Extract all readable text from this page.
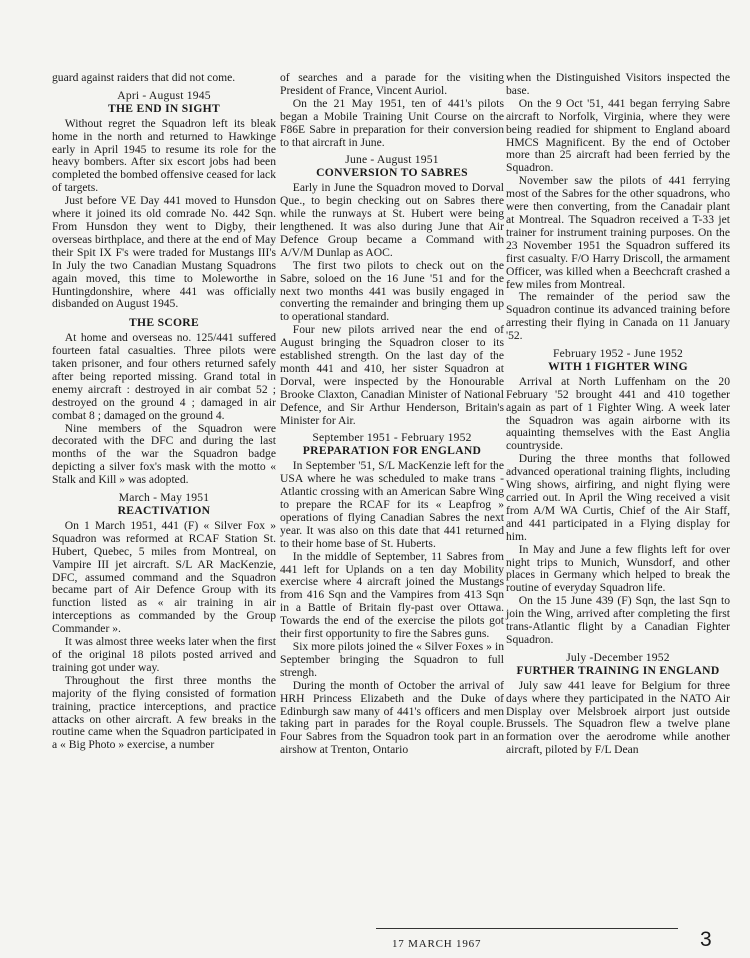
guard against raiders that did not come.

Apri - August 1945
THE END IN SIGHT

Without regret the Squadron left its bleak home in the north and returned to Hawkinge early in April 1945 to resume its role for the heavy bombers. After six escort jobs had been completed the bombed offensive ceased for lack of targets.

Just before VE Day 441 moved to Hunsdon where it joined its old comrade No. 442 Sqn. From Hunsdon they went to Digby, their overseas birthplace, and there at the end of May their Spit IX F's were traded for Mustangs III's In July the two Canadian Mustang Squadrons again moved, this time to Moleworthe in Huntingdonshire, where 441 was officially disbanded on August 1945.

THE SCORE

At home and overseas no. 125/441 suffered fourteen fatal casualties. Three pilots were taken prisoner, and four others returned safely after being reported missing. Grand total in enemy aircraft : destroyed in air combat 52 ; destroyed on the ground 4 ; damaged in air combat 8 ; damaged on the ground 4.

Nine members of the Squadron were decorated with the DFC and during the last months of the war the Squadron badge depicting a silver fox's mask with the motto « Stalk and Kill » was adopted.

March - May 1951
REACTIVATION

On 1 March 1951, 441 (F) « Silver Fox » Squadron was reformed at RCAF Station St. Hubert, Quebec, 5 miles from Montreal, on Vampire III jet aircraft. S/L AR MacKenzie, DFC, assumed command and the Squadron became part of Air Defence Group with its function listed as « air training in air interceptions as commanded by the Group Commander ».

It was almost three weeks later when the first of the original 18 pilots posted arrived and training got under way.

Throughout the first three months the majority of the flying consisted of formation training, practice interceptions, and practice attacks on other aircraft. A few breaks in the routine came when the Squadron participated in a « Big Photo » exercise, a number

of searches and a parade for the visiting President of France, Vincent Auriol.

On the 21 May 1951, ten of 441's pilots began a Mobile Training Unit Course on the F86E Sabre in preparation for their conversion to that aircraft in June.

June - August 1951
CONVERSION TO SABRES

Early in June the Squadron moved to Dorval Que., to begin checking out on Sabres there while the runways at St. Hubert were being lengthened. It was also during June that Air Defence Group became a Command with A/V/M Dunlap as AOC.

The first two pilots to check out on the Sabre, soloed on the 16 June '51 and for the next two months 441 was busily engaged in converting the remainder and bringing them up to operational standard.

Four new pilots arrived near the end of August bringing the Squadron closer to its established strength. On the last day of the month 441 and 410, her sister Squadron at Dorval, were inspected by the Honourable Brooke Claxton, Canadian Minister of National Defence, and Sir Arthur Henderson, Britain's Minister for Air.

September 1951 - February 1952
PREPARATION FOR ENGLAND

In September '51, S/L MacKenzie left for the USA where he was scheduled to make trans - Atlantic crossing with an American Sabre Wing to prepare the RCAF for its « Leapfrog » operations of flying Canadian Sabres the next year. It was also on this date that 441 returned to their home base of St. Huberts.

In the middle of September, 11 Sabres from 441 left for Uplands on a ten day Mobility exercise where 4 aircraft joined the Mustangs from 416 Sqn and the Vampires from 413 Sqn in a Battle of Britain fly-past over Ottawa. Towards the end of the exercise the pilots got their first opportunity to fire the Sabres guns.

Six more pilots joined the « Silver Foxes » in September bringing the Squadron to full strengh.

During the month of October the arrival of HRH Princess Elizabeth and the Duke of Edinburgh saw many of 441's officers and men taking part in parades for the Royal couple. Four Sabres from the Squadron took part in an airshow at Trenton, Ontario

when the Distinguished Visitors inspected the base.

On the 9 Oct '51, 441 began ferrying Sabre aircraft to Norfolk, Virginia, where they were being readied for shipment to England aboard HMCS Magnificent. By the end of October more than 25 aircraft had been ferried by the Squadron.

November saw the pilots of 441 ferrying most of the Sabres for the other squadrons, who were then converting, from the Canadair plant at Montreal. The Squadron received a T-33 jet trainer for instrument training purposes. On the 23 November 1951 the Squadron suffered its first casualty. F/O Harry Driscoll, the armament Officer, was killed when a Beechcraft crashed a few miles from Montreal.

The remainder of the period saw the Squadron continue its advanced training before arresting their flying in Canada on 11 January '52.

February 1952 - June 1952
WITH 1 FIGHTER WING

Arrival at North Luffenham on the 20 February '52 brought 441 and 410 together again as part of 1 Fighter Wing. A week later the Squadron was again airborne with its aquainting themselves with the East Anglia countryside.

During the three months that followed advanced operational training flights, including Wing shows, airfiring, and night flying were carried out. In April the Wing received a visit from A/M WA Curtis, Chief of the Air Staff, and 441 participated in a Flying display for him.

In May and June a few flights left for over night trips to Munich, Wunsdorf, and other places in Germany which helped to break the routine of everyday Squadron life.

On the 15 June 439 (F) Sqn, the last Sqn to join the Wing, arrived after completing the first trans-Atlantic flight by a Canadian Fighter Squadron.

July -December 1952
FURTHER TRAINING IN ENGLAND

July saw 441 leave for Belgium for three days where they participated in the NATO Air Display over Melsbroek airport just outside Brussels. The Squadron flew a twelve plane formation over the aerodrome while another aircraft, piloted by F/L Dean

17 MARCH 1967	3
